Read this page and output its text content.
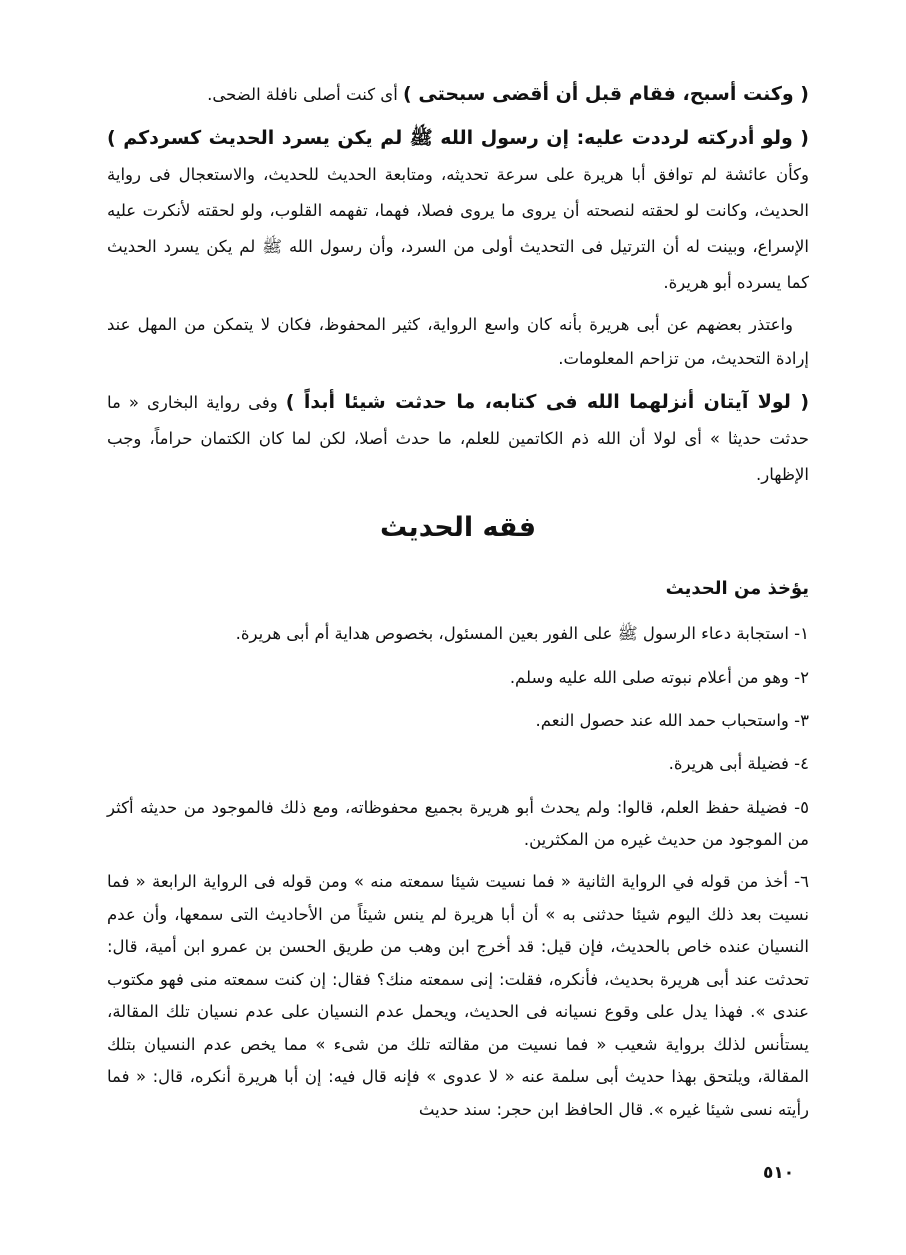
( وكنت أسبح، فقام قبل أن أقضى سبحتى ) أى كنت أصلى نافلة الضحى.

( ولو أدركته لرددت عليه: إن رسول الله ﷺ لم يكن يسرد الحديث كسردكم ) وكأن عائشة لم توافق أبا هريرة على سرعة تحديثه، ومتابعة الحديث للحديث، والاستعجال فى رواية الحديث، وكانت لو لحقته لنصحته أن يروى ما يروى فصلا، فهما، تفهمه القلوب، ولو لحقته لأنكرت عليه الإسراع، وبينت له أن الترتيل فى التحديث أولى من السرد، وأن رسول الله ﷺ لم يكن يسرد الحديث كما يسرده أبو هريرة.

واعتذر بعضهم عن أبى هريرة بأنه كان واسع الرواية، كثير المحفوظ، فكان لا يتمكن من المهل عند إرادة التحديث، من تزاحم المعلومات.

( لولا آيتان أنزلهما الله فى كتابه، ما حدثت شيئا أبداً ) وفى رواية البخارى « ما حدثت حديثا » أى لولا أن الله ذم الكاتمين للعلم، ما حدث أصلا، لكن لما كان الكتمان حراماً، وجب الإظهار.

فقه الحديث
يؤخذ من الحديث
١- استجابة دعاء الرسول ﷺ على الفور بعين المسئول، بخصوص هداية أم أبى هريرة.
٢- وهو من أعلام نبوته صلى الله عليه وسلم.
٣- واستحباب حمد الله عند حصول النعم.
٤- فضيلة أبى هريرة.
٥- فضيلة حفظ العلم، قالوا: ولم يحدث أبو هريرة بجميع محفوظاته، ومع ذلك فالموجود من حديثه أكثر من الموجود من حديث غيره من المكثرين.
٦- أخذ من قوله في الرواية الثانية « فما نسيت شيئا سمعته منه » ومن قوله فى الرواية الرابعة « فما نسيت بعد ذلك اليوم شيئا حدثنى به » أن أبا هريرة لم ينس شيئاً من الأحاديث التى سمعها، وأن عدم النسيان عنده خاص بالحديث، فإن قيل: قد أخرج ابن وهب من طريق الحسن بن عمرو ابن أمية، قال: تحدثت عند أبى هريرة بحديث، فأنكره، فقلت: إنى سمعته منك؟ فقال: إن كنت سمعته منى فهو مكتوب عندى ». فهذا يدل على وقوع نسيانه فى الحديث، ويحمل عدم النسيان على عدم نسيان تلك المقالة، يستأنس لذلك برواية شعيب « فما نسيت من مقالته تلك من شىء » مما يخص عدم النسيان بتلك المقالة، ويلتحق بهذا حديث أبى سلمة عنه « لا عدوى » فإنه قال فيه: إن أبا هريرة أنكره، قال: « فما رأيته نسى شيئا غيره ». قال الحافظ ابن حجر: سند حديث
٥١٠
